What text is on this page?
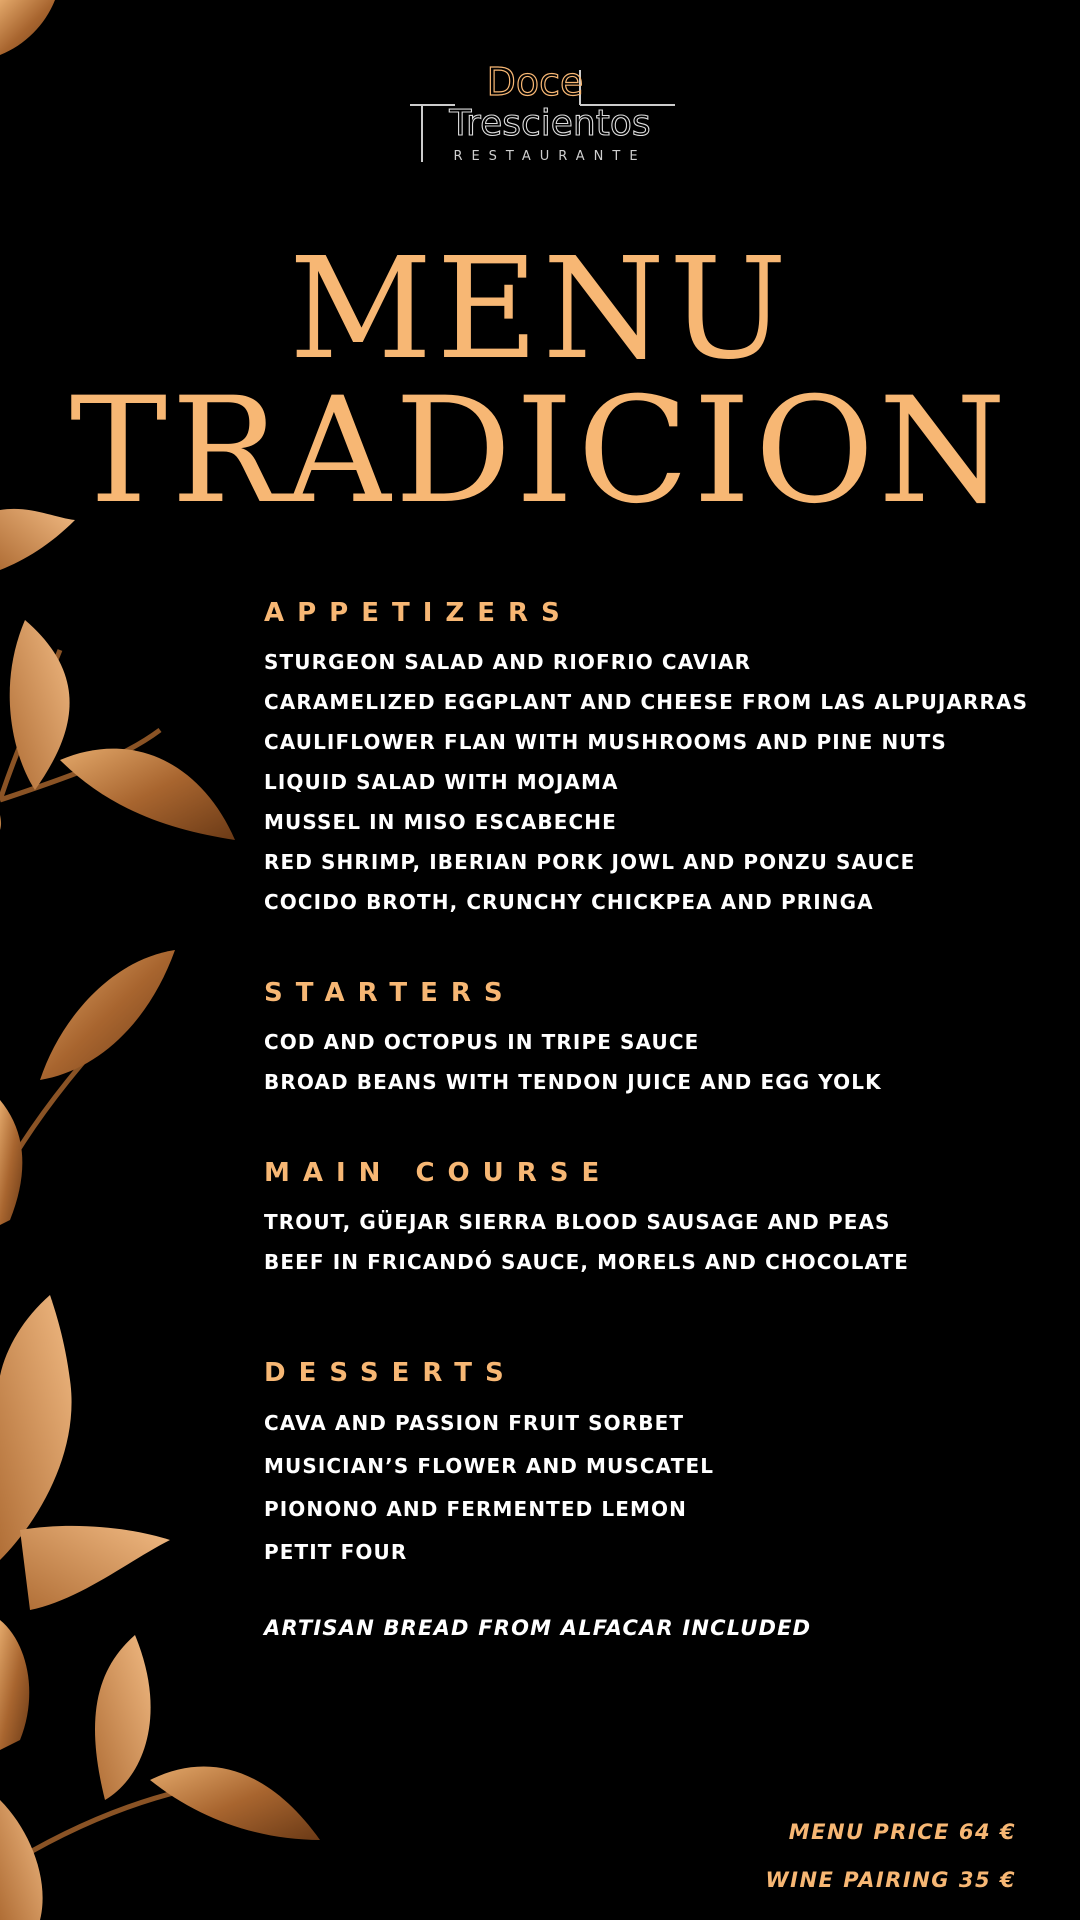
Doce
Trescientos
RESTAURANTE
MENU
TRADICION
APPETIZERS
STURGEON SALAD AND RIOFRIO CAVIAR
CARAMELIZED EGGPLANT AND CHEESE FROM LAS ALPUJARRAS
CAULIFLOWER FLAN WITH MUSHROOMS AND PINE NUTS
LIQUID SALAD WITH MOJAMA
MUSSEL IN MISO ESCABECHE
RED SHRIMP, IBERIAN PORK JOWL AND PONZU SAUCE
COCIDO BROTH, CRUNCHY CHICKPEA AND PRINGA
STARTERS
COD AND OCTOPUS IN TRIPE SAUCE
BROAD BEANS WITH TENDON JUICE AND EGG YOLK
MAIN COURSE
TROUT, GÜEJAR SIERRA BLOOD SAUSAGE AND PEAS
BEEF IN FRICANDÓ SAUCE, MORELS AND CHOCOLATE
DESSERTS
CAVA AND PASSION FRUIT SORBET
MUSICIAN’S FLOWER AND MUSCATEL
PIONONO AND FERMENTED LEMON
PETIT FOUR
ARTISAN BREAD FROM ALFACAR INCLUDED
MENU PRICE 64 €
WINE PAIRING 35 €
